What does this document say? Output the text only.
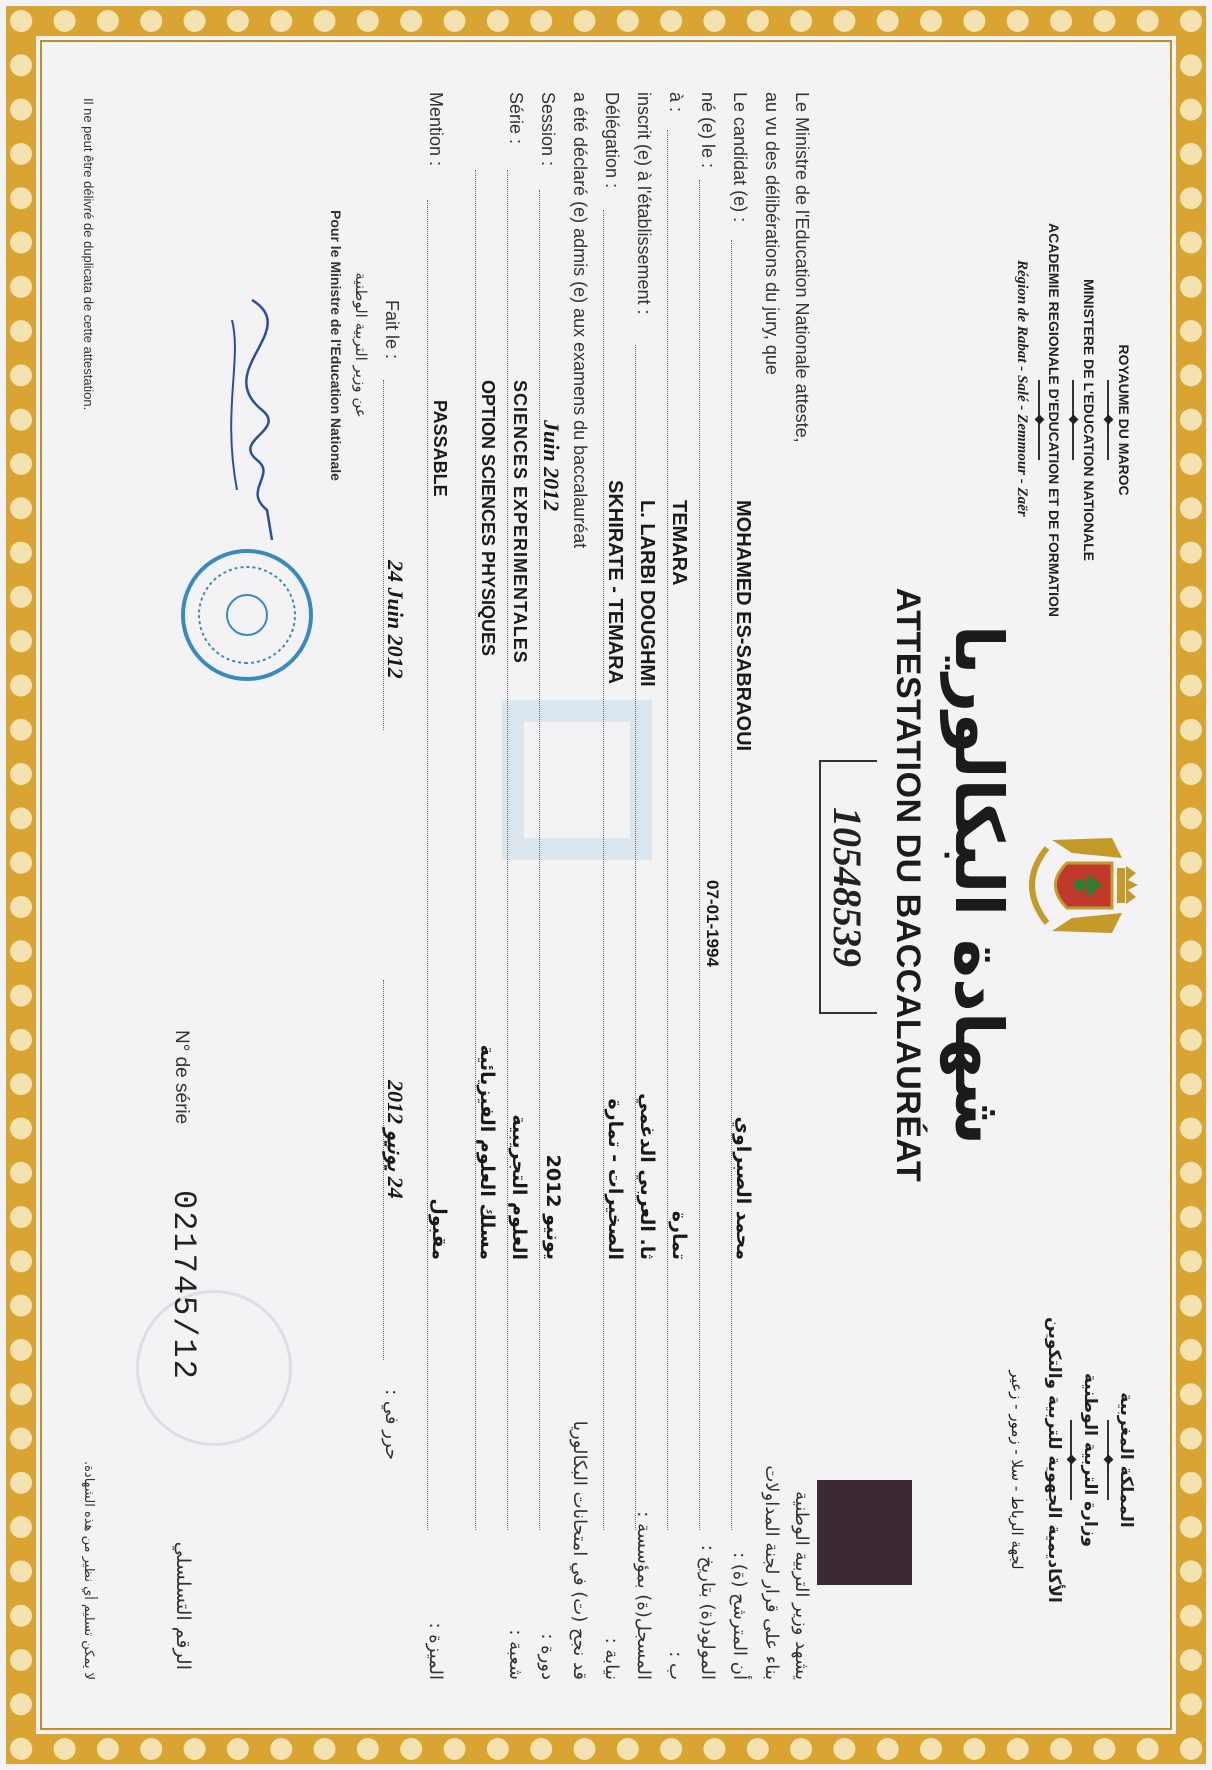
ROYAUME DU MAROC
MINISTERE DE L'EDUCATION NATIONALE
ACADEMIE REGIONALE D'EDUCATION ET DE FORMATION
Région de Rabat - Salé - Zemmour - Zaër
المملكة المغربية
وزارة التربية الوطنية
الأكاديمية الجهوية للتربية والتكوين
لجهة الرباط - سلا - زمور - زعير
شهادة البكالوريا
ATTESTATION DU BACCALAURÉAT
10548539
Le Ministre de l'Education Nationale atteste,
au vu des délibérations du jury, que
يشهد وزير التربية الوطنية
بناء على قرار لجنة المداولات
Le candidat (e) :
MOHAMED ES-SABRAOUI
محمد الصبراوي
أن المترشح (ة) :
né (e) le :
07-01-1994
المولود(ة) بتاريخ :
à :
TEMARA
تمارة
ب :
inscrit (e) à l'établissement :
L. LARBI DOUGHMI
ثا. العربي الدغمي
المسجل(ة) بمؤسسة :
Délégation :
SKHIRATE - TEMARA
الصخيرات - تمارة
نيابة :
a été déclaré (e) admis (e) aux examens du baccalauréat
قد نجح (ت) في امتحانات البكالوريا
Session :
Juin 2012
يونيو 2012
دورة :
Série :
SCIENCES EXPERIMENTALES
العلوم التجريبية
شعبة :
OPTION SCIENCES PHYSIQUES
مسلك العلوم الفيزيائية
Mention :
PASSABLE
مقبول
الميزة :
Fait le :
24 Juin 2012
24 يونيو 2012
حرر في :
عن وزير التربية الوطنية
Pour le Ministre de l'Education Nationale
N° de série
021745/12
الرقم التسلسلي
Il ne peut être délivré de duplicata de cette attestation.
لا يمكن تسليم أي نظير من هذه الشهادة.
